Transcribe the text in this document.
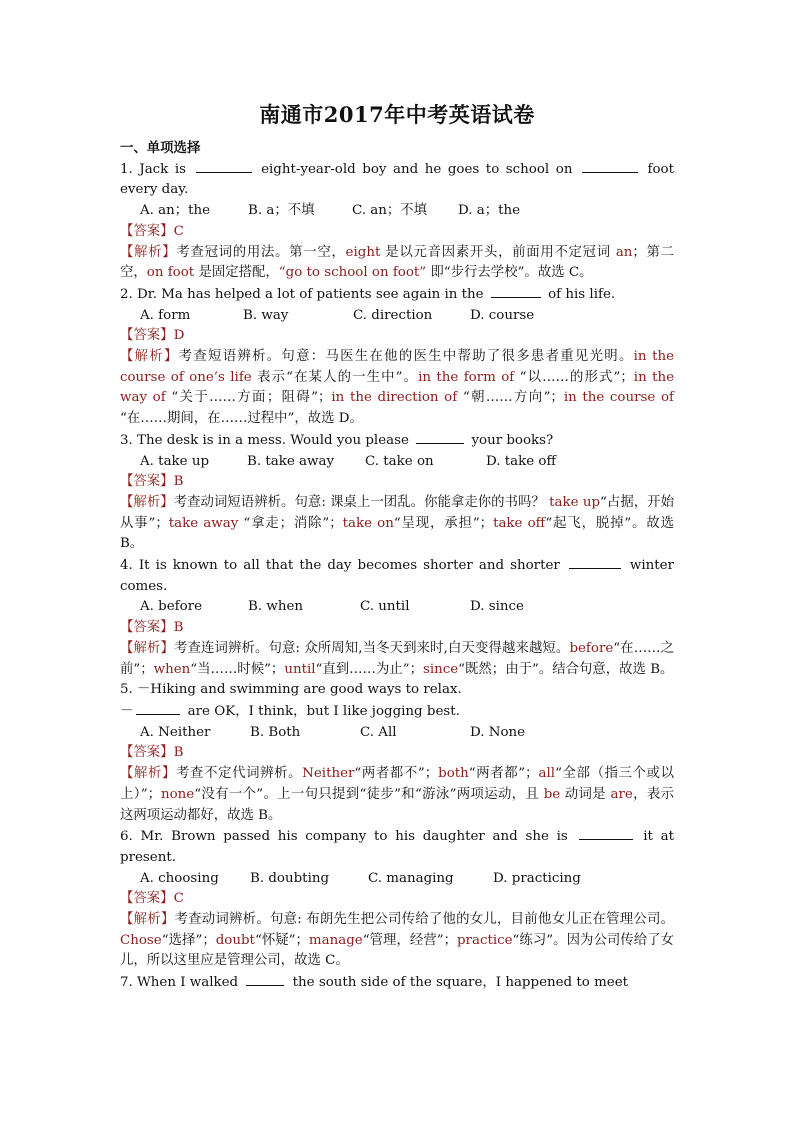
南通市2017年中考英语试卷

一、单项选择

1. Jack is	eight-year-old boy and he goes to school on	foot every day.

A. an；the	B. a；不填	C. an；不填	D. a；the

【答案】C

【解析】考查冠词的用法。第一空，eight 是以元音因素开头，前面用不定冠词 an；第二空，on foot 是固定搭配，“go to school on foot” 即“步行去学校”。故选 C。

2. Dr. Ma has helped a lot of patients see again in the	of his life.

A. form	B. way	C. direction	D. course

【答案】D

【解析】考查短语辨析。句意：马医生在他的医生中帮助了很多患者重见光明。in the course of one’s life 表示“在某人的一生中”。in the form of “以……的形式”；in the way of “关于……方面；阻碍”；in the direction of “朝……方向”；in the course of “在……期间，在……过程中”，故选 D。

3. The desk is in a mess. Would you please	your books?

A. take up	B. take away	C. take on	D. take off

【答案】B

【解析】考查动词短语辨析。句意: 课桌上一团乱。你能拿走你的书吗？ take up“占据，开始从事”；take away “拿走；消除”；take on“呈现，承担”；take off“起飞，脱掉”。故选 B。

4. It is known to all that the day becomes shorter and shorter	winter comes.

A. before	B. when	C. until	D. since

【答案】B

【解析】考查连词辨析。句意: 众所周知,当冬天到来时,白天变得越来越短。before“在……之前”；when“当……时候”；until“直到……为止”；since“既然；由于”。结合句意，故选 B。

5. －Hiking and swimming are good ways to relax.

－	are OK，I think，but I like jogging best.

A. Neither	B. Both	C. All	D. None

【答案】B

【解析】考查不定代词辨析。Neither“两者都不”；both“两者都”；all“全部（指三个或以上）”；none“没有一个”。上一句只提到“徒步”和“游泳”两项运动，且 be 动词是 are，表示这两项运动都好，故选 B。

6. Mr. Brown passed his company to his daughter and she is	it at present.

A. choosing	B. doubting	C. managing	D. practicing

【答案】C

【解析】考查动词辨析。句意: 布朗先生把公司传给了他的女儿，目前他女儿正在管理公司。Chose“选择”；doubt“怀疑”；manage“管理，经营”；practice“练习”。因为公司传给了女儿，所以这里应是管理公司，故选 C。

7. When I walked	the south side of the square，I happened to meet
